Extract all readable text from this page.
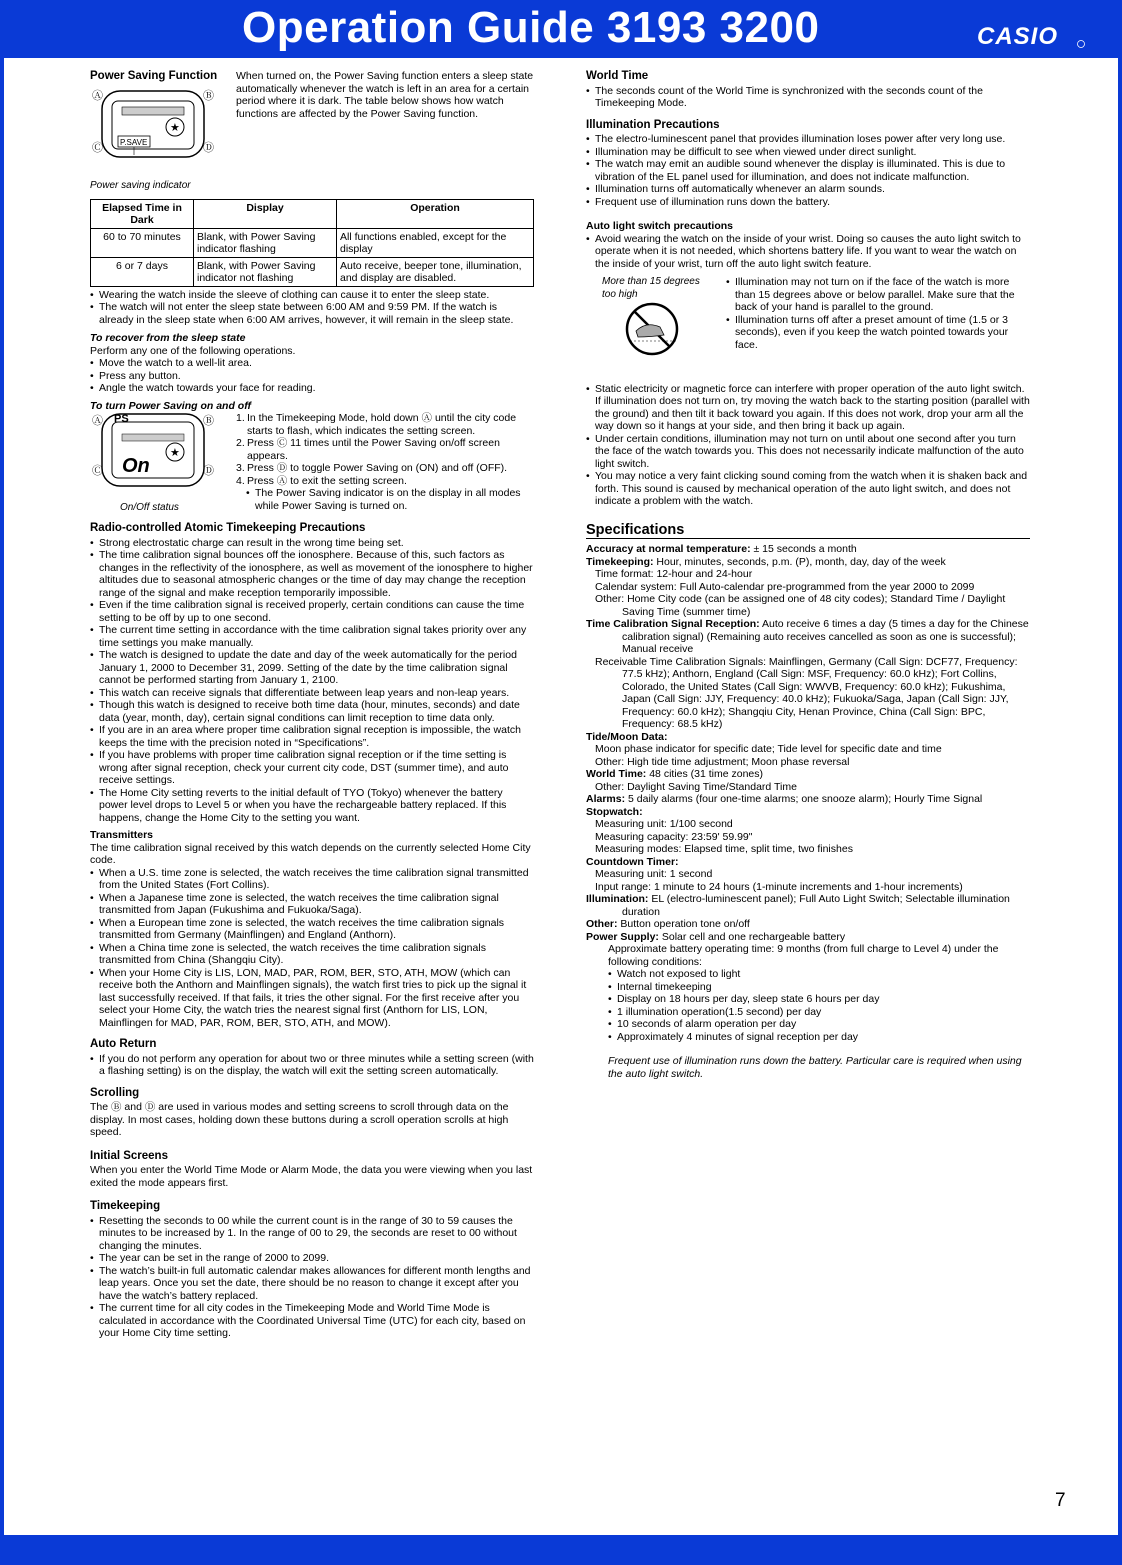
Operation Guide 3193 3200	CASIO
Power Saving Function
Ⓐ	Ⓑ
Ⓒ	Ⓓ
★
P.SAVE
Power saving indicator

When turned on, the Power Saving function enters a sleep state automatically whenever the watch is left in an area for a certain period where it is dark. The table below shows how watch functions are affected by the Power Saving function.

Elapsed Time in Dark	Display	Operation
60 to 70 minutes	Blank, with Power Saving indicator flashing	All functions enabled, except for the display
6 or 7 days	Blank, with Power Saving indicator not flashing	Auto receive, beeper tone, illumination, and display are disabled.
• Wearing the watch inside the sleeve of clothing can cause it to enter the sleep state.
• The watch will not enter the sleep state between 6:00 AM and 9:59 PM. If the watch is already in the sleep state when 6:00 AM arrives, however, it will remain in the sleep state.
To recover from the sleep state

Perform any one of the following operations.

• Move the watch to a well-lit area.
• Press any button.
• Angle the watch towards your face for reading.
To turn Power Saving on and off
Ⓐ	Ⓑ
Ⓒ	Ⓓ
PS
★
On
On/Off status
1. In the Timekeeping Mode, hold down Ⓐ until the city code starts to flash, which indicates the setting screen.
2. Press Ⓒ 11 times until the Power Saving on/off screen appears.
3. Press Ⓓ to toggle Power Saving on (ON) and off (OFF).
4. Press Ⓐ to exit the setting screen.
• The Power Saving indicator is on the display in all modes while Power Saving is turned on.
Radio-controlled Atomic Timekeeping Precautions
• Strong electrostatic charge can result in the wrong time being set.
• The time calibration signal bounces off the ionosphere. Because of this, such factors as changes in the reflectivity of the ionosphere, as well as movement of the ionosphere to higher altitudes due to seasonal atmospheric changes or the time of day may change the reception range of the signal and make reception temporarily impossible.
• Even if the time calibration signal is received properly, certain conditions can cause the time setting to be off by up to one second.
• The current time setting in accordance with the time calibration signal takes priority over any time settings you make manually.
• The watch is designed to update the date and day of the week automatically for the period January 1, 2000 to December 31, 2099. Setting of the date by the time calibration signal cannot be performed starting from January 1, 2100.
• This watch can receive signals that differentiate between leap years and non-leap years.
• Though this watch is designed to receive both time data (hour, minutes, seconds) and date data (year, month, day), certain signal conditions can limit reception to time data only.
• If you are in an area where proper time calibration signal reception is impossible, the watch keeps the time with the precision noted in “Specifications”.
• If you have problems with proper time calibration signal reception or if the time setting is wrong after signal reception, check your current city code, DST (summer time), and auto receive settings.
• The Home City setting reverts to the initial default of TYO (Tokyo) whenever the battery power level drops to Level 5 or when you have the rechargeable battery replaced. If this happens, change the Home City to the setting you want.
Transmitters

The time calibration signal received by this watch depends on the currently selected Home City code.

• When a U.S. time zone is selected, the watch receives the time calibration signal transmitted from the United States (Fort Collins).
• When a Japanese time zone is selected, the watch receives the time calibration signal transmitted from Japan (Fukushima and Fukuoka/Saga).
• When a European time zone is selected, the watch receives the time calibration signals transmitted from Germany (Mainflingen) and England (Anthorn).
• When a China time zone is selected, the watch receives the time calibration signals transmitted from China (Shangqiu City).
• When your Home City is LIS, LON, MAD, PAR, ROM, BER, STO, ATH, MOW (which can receive both the Anthorn and Mainflingen signals), the watch first tries to pick up the signal it last successfully received. If that fails, it tries the other signal. For the first receive after you select your Home City, the watch tries the nearest signal first (Anthorn for LIS, LON, Mainflingen for MAD, PAR, ROM, BER, STO, ATH, and MOW).
Auto Return
• If you do not perform any operation for about two or three minutes while a setting screen (with a flashing setting) is on the display, the watch will exit the setting screen automatically.
Scrolling

The Ⓑ and Ⓓ are used in various modes and setting screens to scroll through data on the display. In most cases, holding down these buttons during a scroll operation scrolls at high speed.

Initial Screens

When you enter the World Time Mode or Alarm Mode, the data you were viewing when you last exited the mode appears first.

Timekeeping
• Resetting the seconds to 00 while the current count is in the range of 30 to 59 causes the minutes to be increased by 1. In the range of 00 to 29, the seconds are reset to 00 without changing the minutes.
• The year can be set in the range of 2000 to 2099.
• The watch’s built-in full automatic calendar makes allowances for different month lengths and leap years. Once you set the date, there should be no reason to change it except after you have the watch’s battery replaced.
• The current time for all city codes in the Timekeeping Mode and World Time Mode is calculated in accordance with the Coordinated Universal Time (UTC) for each city, based on your Home City time setting.
World Time
• The seconds count of the World Time is synchronized with the seconds count of the Timekeeping Mode.
Illumination Precautions
• The electro-luminescent panel that provides illumination loses power after very long use.
• Illumination may be difficult to see when viewed under direct sunlight.
• The watch may emit an audible sound whenever the display is illuminated. This is due to vibration of the EL panel used for illumination, and does not indicate malfunction.
• Illumination turns off automatically whenever an alarm sounds.
• Frequent use of illumination runs down the battery.
Auto light switch precautions
• Avoid wearing the watch on the inside of your wrist. Doing so causes the auto light switch to operate when it is not needed, which shortens battery life. If you want to wear the watch on the inside of your wrist, turn off the auto light switch feature.
More than 15 degrees too high
• Illumination may not turn on if the face of the watch is more than 15 degrees above or below parallel. Make sure that the back of your hand is parallel to the ground.
• Illumination turns off after a preset amount of time (1.5 or 3 seconds), even if you keep the watch pointed towards your face.
• Static electricity or magnetic force can interfere with proper operation of the auto light switch. If illumination does not turn on, try moving the watch back to the starting position (parallel with the ground) and then tilt it back toward you again. If this does not work, drop your arm all the way down so it hangs at your side, and then bring it back up again.
• Under certain conditions, illumination may not turn on until about one second after you turn the face of the watch towards you. This does not necessarily indicate malfunction of the auto light switch.
• You may notice a very faint clicking sound coming from the watch when it is shaken back and forth. This sound is caused by mechanical operation of the auto light switch, and does not indicate a problem with the watch.
Specifications

Accuracy at normal temperature: ± 15 seconds a month

Timekeeping: Hour, minutes, seconds, p.m. (P), month, day, day of the week

Time format: 12-hour and 24-hour

Calendar system: Full Auto-calendar pre-programmed from the year 2000 to 2099

Other: Home City code (can be assigned one of 48 city codes); Standard Time / Daylight Saving Time (summer time)

Time Calibration Signal Reception: Auto receive 6 times a day (5 times a day for the Chinese calibration signal) (Remaining auto receives cancelled as soon as one is successful); Manual receive

Receivable Time Calibration Signals: Mainflingen, Germany (Call Sign: DCF77, Frequency: 77.5 kHz); Anthorn, England (Call Sign: MSF, Frequency: 60.0 kHz); Fort Collins, Colorado, the United States (Call Sign: WWVB, Frequency: 60.0 kHz); Fukushima, Japan (Call Sign: JJY, Frequency: 40.0 kHz); Fukuoka/Saga, Japan (Call Sign: JJY, Frequency: 60.0 kHz); Shangqiu City, Henan Province, China (Call Sign: BPC, Frequency: 68.5 kHz)

Tide/Moon Data:

Moon phase indicator for specific date; Tide level for specific date and time

Other: High tide time adjustment; Moon phase reversal

World Time: 48 cities (31 time zones)

Other: Daylight Saving Time/Standard Time

Alarms: 5 daily alarms (four one-time alarms; one snooze alarm); Hourly Time Signal

Stopwatch:

Measuring unit: 1/100 second

Measuring capacity: 23:59' 59.99"

Measuring modes: Elapsed time, split time, two finishes

Countdown Timer:

Measuring unit: 1 second

Input range: 1 minute to 24 hours (1-minute increments and 1-hour increments)

Illumination: EL (electro-luminescent panel); Full Auto Light Switch; Selectable illumination duration

Other: Button operation tone on/off

Power Supply: Solar cell and one rechargeable battery

Approximate battery operating time: 9 months (from full charge to Level 4) under the following conditions:

• Watch not exposed to light
• Internal timekeeping
• Display on 18 hours per day, sleep state 6 hours per day
• 1 illumination operation(1.5 second) per day
• 10 seconds of alarm operation per day
• Approximately 4 minutes of signal reception per day

Frequent use of illumination runs down the battery. Particular care is required when using the auto light switch.

7
